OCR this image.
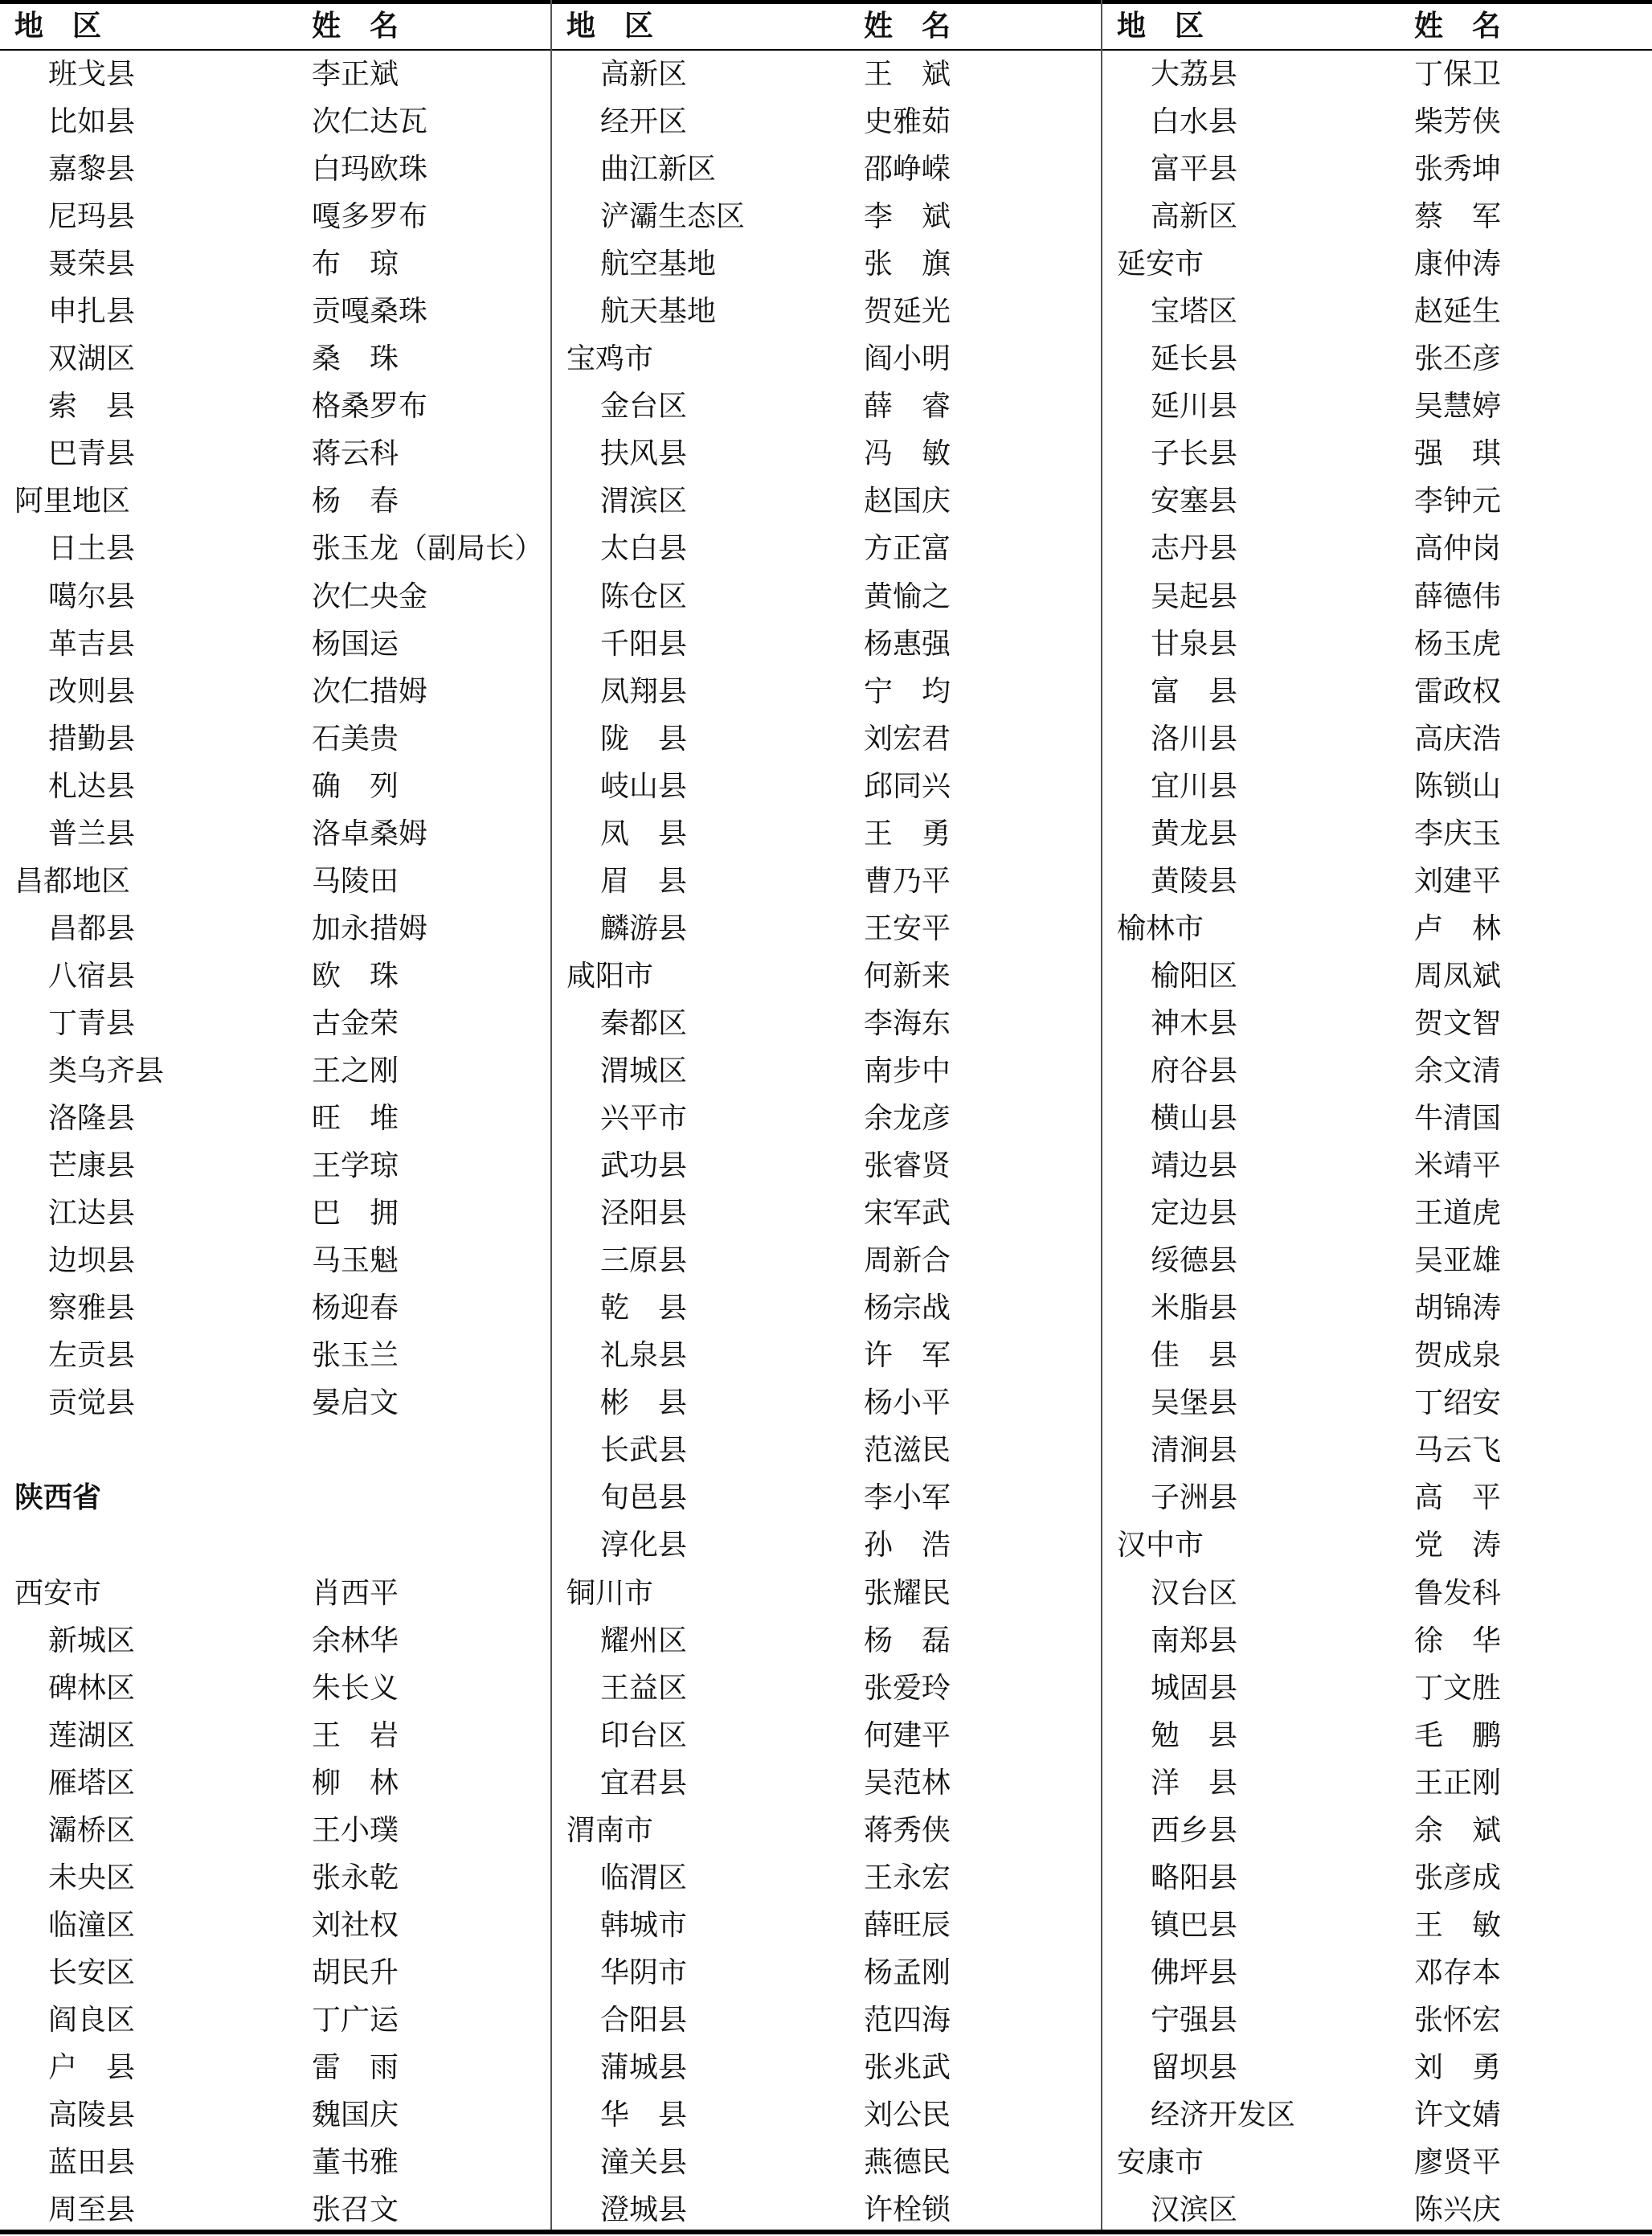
地　区	姓　名
班戈县	李正斌
比如县	次仁达瓦
嘉黎县	白玛欧珠
尼玛县	嘎多罗布
聂荣县	布　琼
申扎县	贡嘎桑珠
双湖区	桑　珠
索　县	格桑罗布
巴青县	蒋云科
阿里地区	杨　春
日土县	张玉龙（副局长）
噶尔县	次仁央金
革吉县	杨国运
改则县	次仁措姆
措勤县	石美贵
札达县	确　列
普兰县	洛卓桑姆
昌都地区	马陵田
昌都县	加永措姆
八宿县	欧　珠
丁青县	古金荣
类乌齐县	王之刚
洛隆县	旺　堆
芒康县	王学琼
江达县	巴　拥
边坝县	马玉魁
察雅县	杨迎春
左贡县	张玉兰
贡觉县	晏启文
陕西省
西安市	肖西平
新城区	余林华
碑林区	朱长义
莲湖区	王　岩
雁塔区	柳　林
灞桥区	王小璞
未央区	张永乾
临潼区	刘社权
长安区	胡民升
阎良区	丁广运
户　县	雷　雨
高陵县	魏国庆
蓝田县	董书雅
周至县	张召文
地　区	姓　名
高新区	王　斌
经开区	史雅茹
曲江新区	邵峥嵘
浐灞生态区	李　斌
航空基地	张　旗
航天基地	贺延光
宝鸡市	阎小明
金台区	薛　睿
扶风县	冯　敏
渭滨区	赵国庆
太白县	方正富
陈仓区	黄愉之
千阳县	杨惠强
凤翔县	宁　均
陇　县	刘宏君
岐山县	邱同兴
凤　县	王　勇
眉　县	曹乃平
麟游县	王安平
咸阳市	何新来
秦都区	李海东
渭城区	南步中
兴平市	余龙彦
武功县	张睿贤
泾阳县	宋军武
三原县	周新合
乾　县	杨宗战
礼泉县	许　军
彬　县	杨小平
长武县	范滋民
旬邑县	李小军
淳化县	孙　浩
铜川市	张耀民
耀州区	杨　磊
王益区	张爱玲
印台区	何建平
宜君县	吴范林
渭南市	蒋秀侠
临渭区	王永宏
韩城市	薛旺辰
华阴市	杨孟刚
合阳县	范四海
蒲城县	张兆武
华　县	刘公民
潼关县	燕德民
澄城县	许栓锁
地　区	姓　名
大荔县	丁保卫
白水县	柴芳侠
富平县	张秀坤
高新区	蔡　军
延安市	康仲涛
宝塔区	赵延生
延长县	张丕彦
延川县	吴慧婷
子长县	强　琪
安塞县	李钟元
志丹县	高仲岗
吴起县	薛德伟
甘泉县	杨玉虎
富　县	雷政权
洛川县	高庆浩
宜川县	陈锁山
黄龙县	李庆玉
黄陵县	刘建平
榆林市	卢　林
榆阳区	周凤斌
神木县	贺文智
府谷县	余文清
横山县	牛清国
靖边县	米靖平
定边县	王道虎
绥德县	吴亚雄
米脂县	胡锦涛
佳　县	贺成泉
吴堡县	丁绍安
清涧县	马云飞
子洲县	高　平
汉中市	党　涛
汉台区	鲁发科
南郑县	徐　华
城固县	丁文胜
勉　县	毛　鹏
洋　县	王正刚
西乡县	余　斌
略阳县	张彦成
镇巴县	王　敏
佛坪县	邓存本
宁强县	张怀宏
留坝县	刘　勇
经济开发区	许文婧
安康市	廖贤平
汉滨区	陈兴庆
